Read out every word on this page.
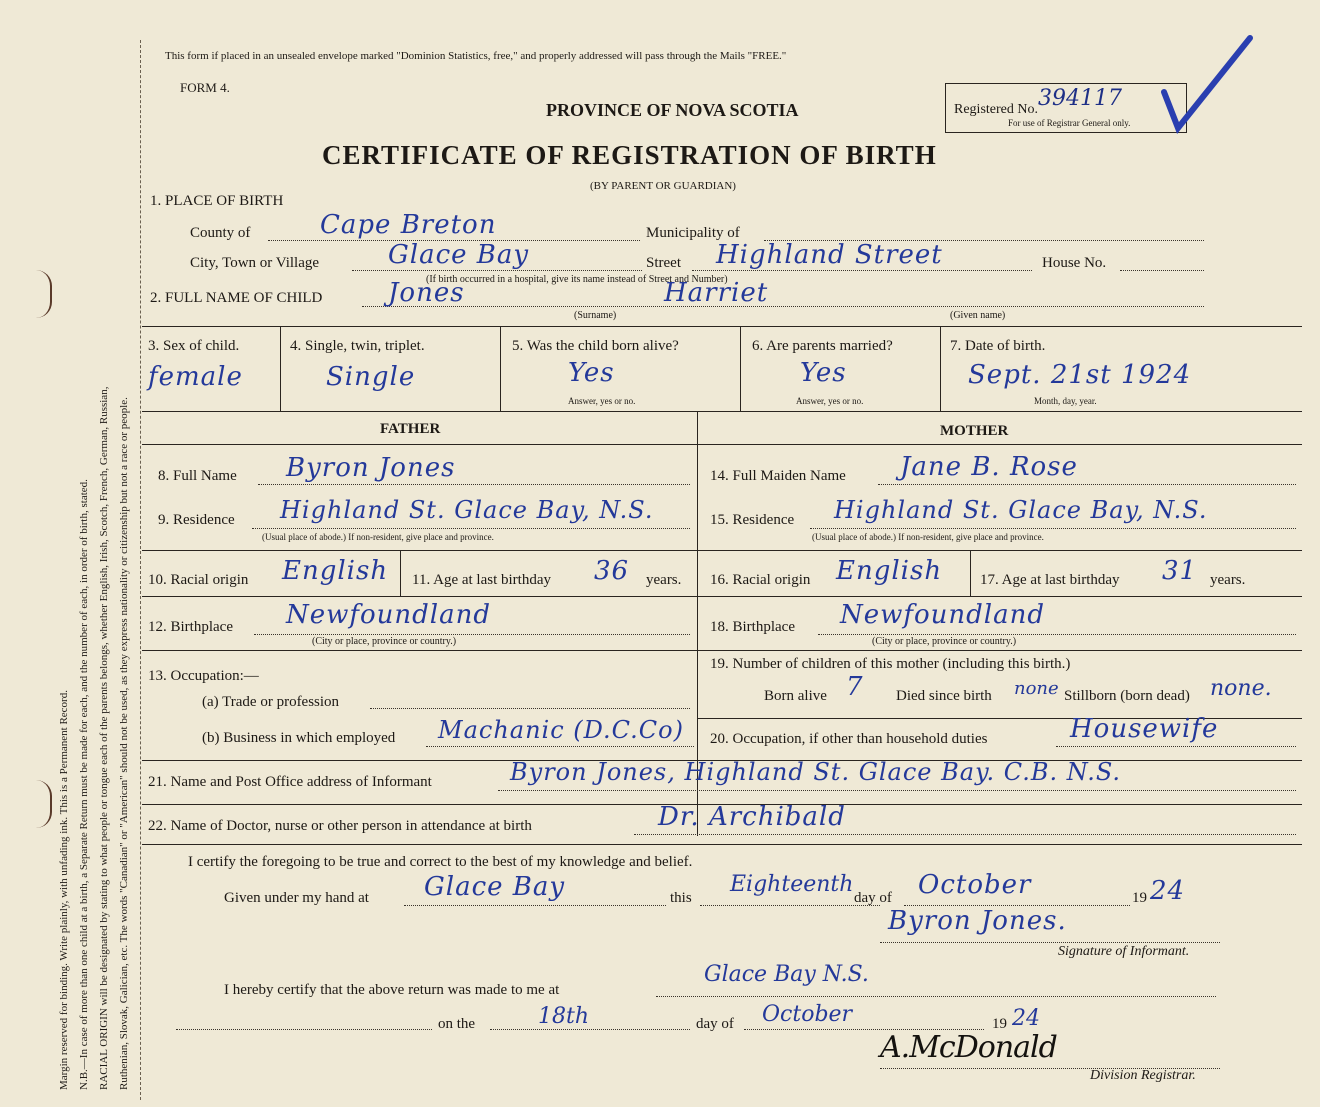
Margin reserved for binding. Write plainly, with unfading ink. This is a Permanent Record. N.B.—In case of more than one child at a birth, a Separate Return must be made for each, and the number of each, in order of birth, stated. RACIAL ORIGIN will be designated by stating to what people or tongue each of the parents belongs, whether English, Irish, Scotch, French, German, Russian, Ruthenian, Slovak, Galician, etc. The words "Canadian" or "American" should not be used, as they express nationality or citizenship but not a race or people.
This form if placed in an unsealed envelope marked "Dominion Statistics, free," and properly addressed will pass through the Mails "FREE."
FORM 4.
PROVINCE OF NOVA SCOTIA
CERTIFICATE OF REGISTRATION OF BIRTH
(BY PARENT OR GUARDIAN)
Registered No. 394117
For use of Registrar General only.
1. PLACE OF BIRTH
County of	Cape Breton	Municipality of
City, Town or Village	Glace Bay	Street Highland Street	House No.
(If birth occurred in a hospital, give its name instead of Street and Number)
2. FULL NAME OF CHILD	Jones	Harriet
(Surname)	(Given name)
3. Sex of child.
female
4. Single, twin, triplet.
Single
5. Was the child born alive?
Yes
Answer, yes or no.
6. Are parents married?
Yes
Answer, yes or no.
7. Date of birth.
Sept. 21st 1924
Month, day, year.
FATHER	MOTHER
8. Full Name Byron Jones
9. Residence Highland St. Glace Bay, N.S.
(Usual place of abode.) If non-resident, give place and province.
10. Racial origin English 11. Age at last birthday 36 years.
12. Birthplace Newfoundland
(City or place, province or country.)
13. Occupation:—
(a) Trade or profession
(b) Business in which employed Machanic (D.C.Co)
14. Full Maiden Name Jane B. Rose
15. Residence Highland St. Glace Bay, N.S.
(Usual place of abode.) If non-resident, give place and province.
16. Racial origin English	17. Age at last birthday 31 years.
18. Birthplace Newfoundland
(City or place, province or country.)
19. Number of children of this mother (including this birth.)
Born alive 7 Died since birth none Stillborn (born dead) none.
20. Occupation, if other than household duties	Housewife
21. Name and Post Office address of Informant	Byron Jones, Highland St. Glace Bay. C.B. N.S.
22. Name of Doctor, nurse or other person in attendance at birth	Dr. Archibald
I certify the foregoing to be true and correct to the best of my knowledge and belief.
Given under my hand at Glace Bay	this
Eighteenth
day of October	19 24
Byron Jones.
Signature of Informant.
I hereby certify that the above return was made to me at
Glace Bay N.S.
on the	18th	day of October	19 24
A.McDonald
Division Registrar.
